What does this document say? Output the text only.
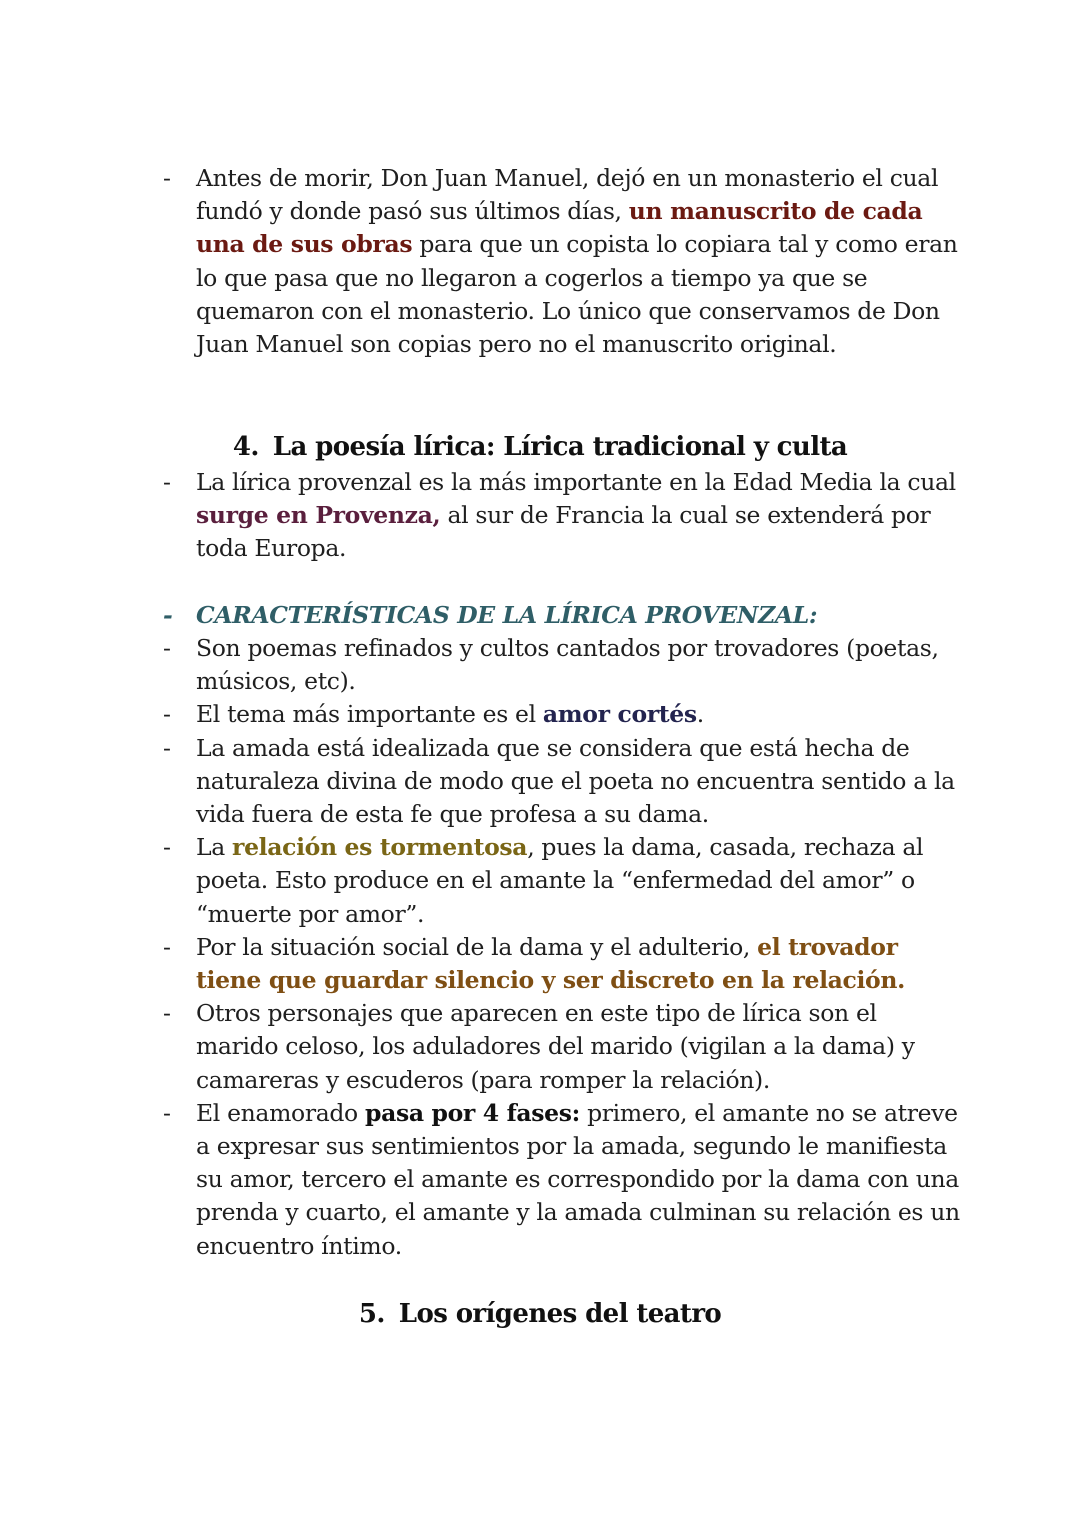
- Antes de morir, Don Juan Manuel, dejó en un monasterio el cual fundó y donde pasó sus últimos días, un manuscrito de cada una de sus obras para que un copista lo copiara tal y como eran lo que pasa que no llegaron a cogerlos a tiempo ya que se quemaron con el monasterio. Lo único que conservamos de Don Juan Manuel son copias pero no el manuscrito original.

4. La poesía lírica: Lírica tradicional y culta

- La lírica provenzal es la más importante en la Edad Media la cual surge en Provenza, al sur de Francia la cual se extenderá por toda Europa.

- CARACTERÍSTICAS DE LA LÍRICA PROVENZAL:

- Son poemas refinados y cultos cantados por trovadores (poetas, músicos, etc).

- El tema más importante es el amor cortés.

- La amada está idealizada que se considera que está hecha de naturaleza divina de modo que el poeta no encuentra sentido a la vida fuera de esta fe que profesa a su dama.

- La relación es tormentosa, pues la dama, casada, rechaza al poeta. Esto produce en el amante la “enfermedad del amor” o “muerte por amor”.

- Por la situación social de la dama y el adulterio, el trovador tiene que guardar silencio y ser discreto en la relación.

- Otros personajes que aparecen en este tipo de lírica son el marido celoso, los aduladores del marido (vigilan a la dama) y camareras y escuderos (para romper la relación).

- El enamorado pasa por 4 fases: primero, el amante no se atreve a expresar sus sentimientos por la amada, segundo le manifiesta su amor, tercero el amante es correspondido por la dama con una prenda y cuarto, el amante y la amada culminan su relación es un encuentro íntimo.

5. Los orígenes del teatro
